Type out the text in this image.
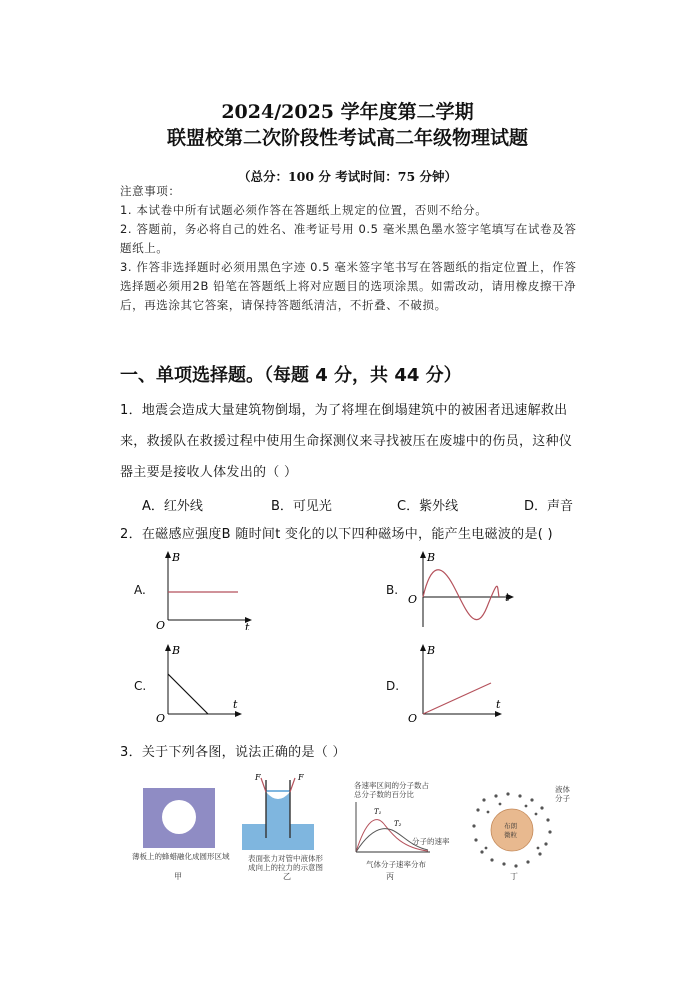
2024/2025 学年度第二学期
联盟校第二次阶段性考试高二年级物理试题
（总分：100 分 考试时间：75 分钟）
注意事项：
1. 本试卷中所有试题必须作答在答题纸上规定的位置，否则不给分。
2. 答题前，务必将自己的姓名、准考证号用 0.5 毫米黑色墨水签字笔填写在试卷及答题纸上。
3. 作答非选择题时必须用黑色字迹 0.5 毫米签字笔书写在答题纸的指定位置上，作答选择题必须用2B 铅笔在答题纸上将对应题目的选项涂黑。如需改动，请用橡皮擦干净后，再选涂其它答案，请保持答题纸清洁，不折叠、不破损。
一、单项选择题。（每题 4 分，共 44 分）
1．地震会造成大量建筑物倒塌，为了将埋在倒塌建筑中的被困者迅速解救出来，救援队在救援过程中使用生命探测仪来寻找被压在废墟中的伤员，这种仪器主要是接收人体发出的（ ）
A．红外线	B．可见光	C．紫外线	D．声音
2．在磁感应强度B 随时间t 变化的以下四种磁场中，能产生电磁波的是( )
A.
B
t
O
B.
B
t
O
C.
B
t
O
D.
B
t
O
3．关于下列各图，说法正确的是（ ）
薄板上的蜂蜡融化成圆形区域
甲
F	F
表面张力对管中液体形成向上的拉力的示意图
乙
各速率区间的分子数占总分子数的百分比
T₁
T₂
分子的速率
气体分子速率分布
丙
布朗
微粒
液体分子
丁
